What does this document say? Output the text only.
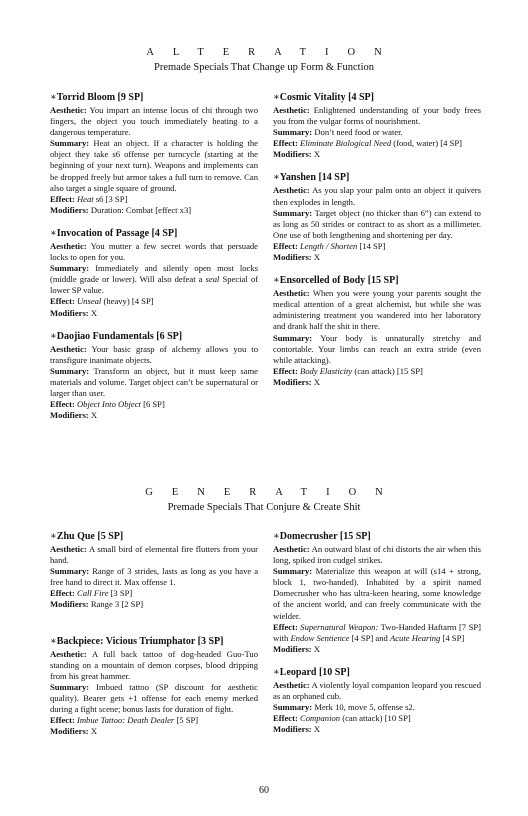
ALTERATION
Premade Specials That Change up Form & Function
∗Torrid Bloom [9 SP]
Aesthetic: You impart an intense locus of chi through two fingers, the object you touch immediately heating to a dangerous temperature.
Summary: Heat an object. If a character is holding the object they take s6 offense per turncycle (starting at the beginning of your next turn). Weapons and implements can be dropped freely but armor takes a full turn to remove. Can also target a single square of ground.
Effect: Heat s6 [3 SP]
Modifiers: Duration: Combat [effect x3]
∗Invocation of Passage [4 SP]
Aesthetic: You mutter a few secret words that persuade locks to open for you.
Summary: Immediately and silently open most locks (middle grade or lower). Will also defeat a seal Special of lower SP value.
Effect: Unseal (heavy) [4 SP]
Modifiers: X
∗Daojiao Fundamentals [6 SP]
Aesthetic: Your basic grasp of alchemy allows you to transfigure inanimate objects.
Summary: Transform an object, but it must keep same materials and volume. Target object can’t be supernatural or larger than user.
Effect: Object Into Object [6 SP]
Modifiers: X
∗Cosmic Vitality [4 SP]
Aesthetic: Enlightened understanding of your body frees you from the vulgar forms of nourishment.
Summary: Don’t need food or water.
Effect: Eliminate Biological Need (food, water) [4 SP]
Modifiers: X
∗Yanshen [14 SP]
Aesthetic: As you slap your palm onto an object it quivers then explodes in length.
Summary: Target object (no thicker than 6”) can extend to as long as 50 strides or contract to as short as a millimeter. One use of both lengthening and shortening per day.
Effect: Length / Shorten [14 SP]
Modifiers: X
∗Ensorcelled of Body [15 SP]
Aesthetic: When you were young your parents sought the medical attention of a great alchemist, but while she was administering treatment you wandered into her laboratory and drank half the shit in there.
Summary: Your body is unnaturally stretchy and contortable. Your limbs can reach an extra stride (even while attacking).
Effect: Body Elasticity (can attack) [15 SP]
Modifiers: X
GENERATION
Premade Specials That Conjure & Create Shit
∗Zhu Que [5 SP]
Aesthetic: A small bird of elemental fire flutters from your hand.
Summary: Range of 3 strides, lasts as long as you have a free hand to direct it. Max offense 1.
Effect: Call Fire [3 SP]
Modifiers: Range 3 [2 SP]
∗Backpiece: Vicious Triumphator [3 SP]
Aesthetic: A full back tattoo of dog-headed Guo-Tuo standing on a mountain of demon corpses, blood dripping from his great hammer.
Summary: Imbued tattoo (SP discount for aesthetic quality). Bearer gets +1 offense for each enemy merked during a fight scene; bonus lasts for duration of fight.
Effect: Imbue Tattoo: Death Dealer [5 SP]
Modifiers: X
∗Domecrusher [15 SP]
Aesthetic: An outward blast of chi distorts the air when this long, spiked iron cudgel strikes.
Summary: Materialize this weapon at will (s14 + strong, block 1, two-handed). Inhabited by a spirit named Domecrusher who has ultra-keen hearing, some knowledge of the ancient world, and can freely communicate with the wielder.
Effect: Supernatural Weapon: Two-Handed Haftarm [7 SP] with Endow Sentience [4 SP] and Acute Hearing [4 SP]
Modifiers: X
∗Leopard [10 SP]
Aesthetic: A violently loyal companion leopard you rescued as an orphaned cub.
Summary: Merk 10, move 5, offense s2.
Effect: Companion (can attack) [10 SP]
Modifiers: X
60
